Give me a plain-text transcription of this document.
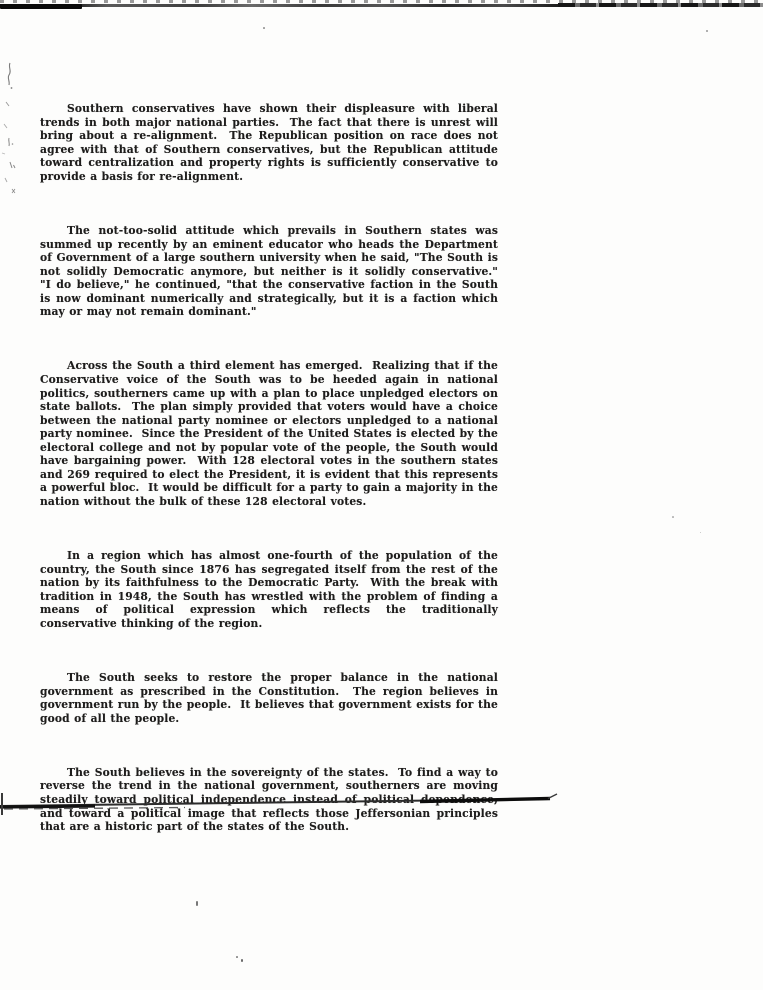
Southern conservatives have shown their displeasure with liberal trends in both major national parties.  The fact that there is unrest will bring about a re-alignment.  The Republican position on race does not agree with that of Southern conservatives, but the Republican attitude toward centralization and property rights is sufficiently conservative to provide a basis for re-alignment.

The not-too-solid attitude which prevails in Southern states was summed up recently by an eminent educator who heads the Department of Government of a large southern university when he said, "The South is not solidly Democratic anymore, but neither is it solidly conservative."  "I do believe," he continued, "that the conservative faction in the South is now dominant numerically and strategically, but it is a faction which may or may not remain dominant."

Across the South a third element has emerged.  Realizing that if the Conservative voice of the South was to be heeded again in national politics, southerners came up with a plan to place unpledged electors on state ballots.  The plan simply provided that voters would have a choice between the national party nominee or electors unpledged to a national party nominee.  Since the President of the United States is elected by the electoral college and not by popular vote of the people, the South would have bargaining power.  With 128 electoral votes in the southern states and 269 required to elect the President, it is evident that this represents a powerful bloc.  It would be difficult for a party to gain a majority in the nation without the bulk of these 128 electoral votes.

In a region which has almost one-fourth of the population of the country, the South since 1876 has segregated itself from the rest of the nation by its faithfulness to the Democratic Party.  With the break with tradition in 1948, the South has wrestled with the problem of finding a means of political expression which reflects the traditionally conservative thinking of the region.

The South seeks to restore the proper balance in the national government as prescribed in the Constitution.  The region believes in government run by the people.  It believes that government exists for the good of all the people.

The South believes in the sovereignty of the states.  To find a way to reverse the trend in the national government, southerners are moving steadily toward political independence instead of political dependence, and toward a political image that reflects those Jeffersonian principles that are a historic part of the states of the South.
